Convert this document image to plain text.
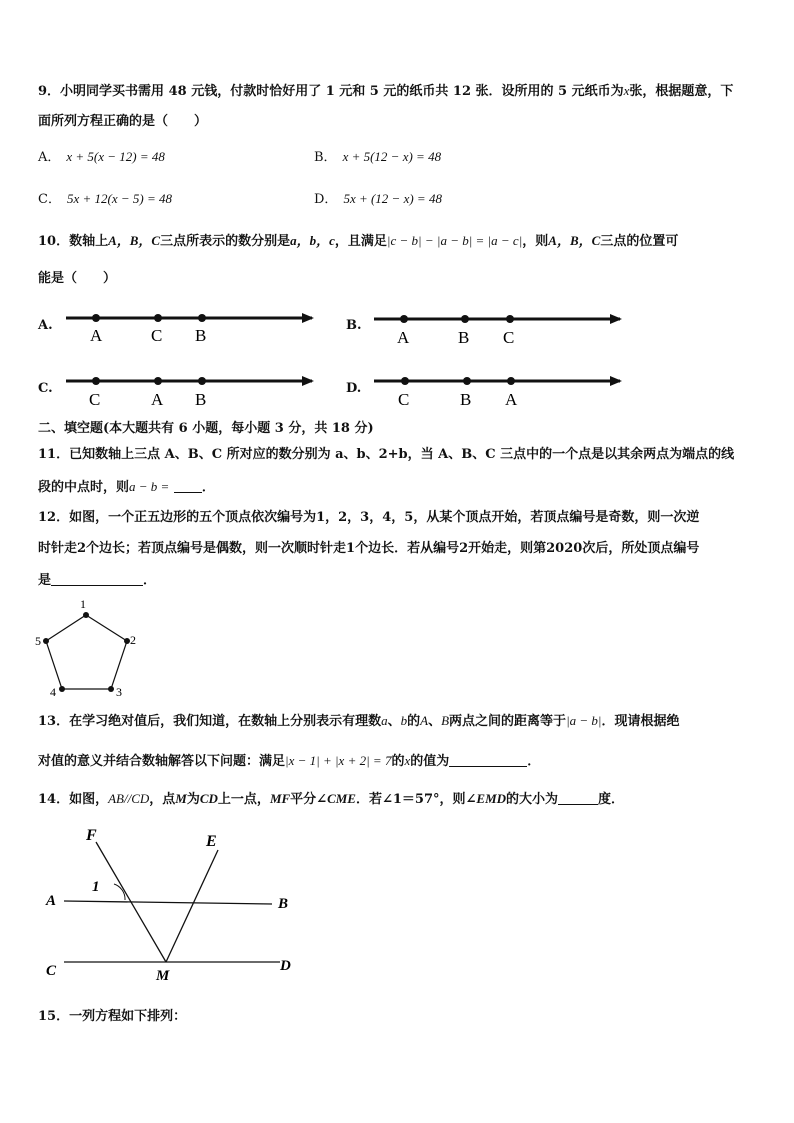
9．小明同学买书需用 48 元钱，付款时恰好用了 1 元和 5 元的纸币共 12 张．设所用的 5 元纸币为x张，根据题意，下
面所列方程正确的是（　　）
A． x + 5(x − 12) = 48	B． x + 5(12 − x) = 48
C． 5x + 12(x − 5) = 48	D． 5x + (12 − x) = 48
10．数轴上A，B，C三点所表示的数分别是a，b，c，且满足|c − b| − |a − b| = |a − c|，则A，B，C三点的位置可
能是（　　）
A.	B.
C.	D.
A	C B	A	B C
C	A B	C	B A
二、填空题(本大题共有 6 小题，每小题 3 分，共 18 分)
11．已知数轴上三点 A、B、C 所对应的数分别为 a、b、2+b，当 A、B、C 三点中的一个点是以其余两点为端点的线
段的中点时，则a − b =	．
12．如图，一个正五边形的五个顶点依次编号为1，2，3，4，5，从某个顶点开始，若顶点编号是奇数，则一次逆
时针走2个边长；若顶点编号是偶数，则一次顺时针走1个边长．若从编号2开始走，则第2020次后，所处顶点编号
是	．
1
2
3
4
5
13．在学习绝对值后，我们知道，在数轴上分别表示有理数a、b的A、B两点之间的距离等于|a − b|．现请根据绝
对值的意义并结合数轴解答以下问题：满足|x − 1| + |x + 2| = 7的x的值为	．
14．如图，AB//CD，点M为CD上一点，MF平分∠CME．若∠1＝57°，则∠EMD的大小为	度．
F	E
A	B
C	D
M
1
15．一列方程如下排列：
